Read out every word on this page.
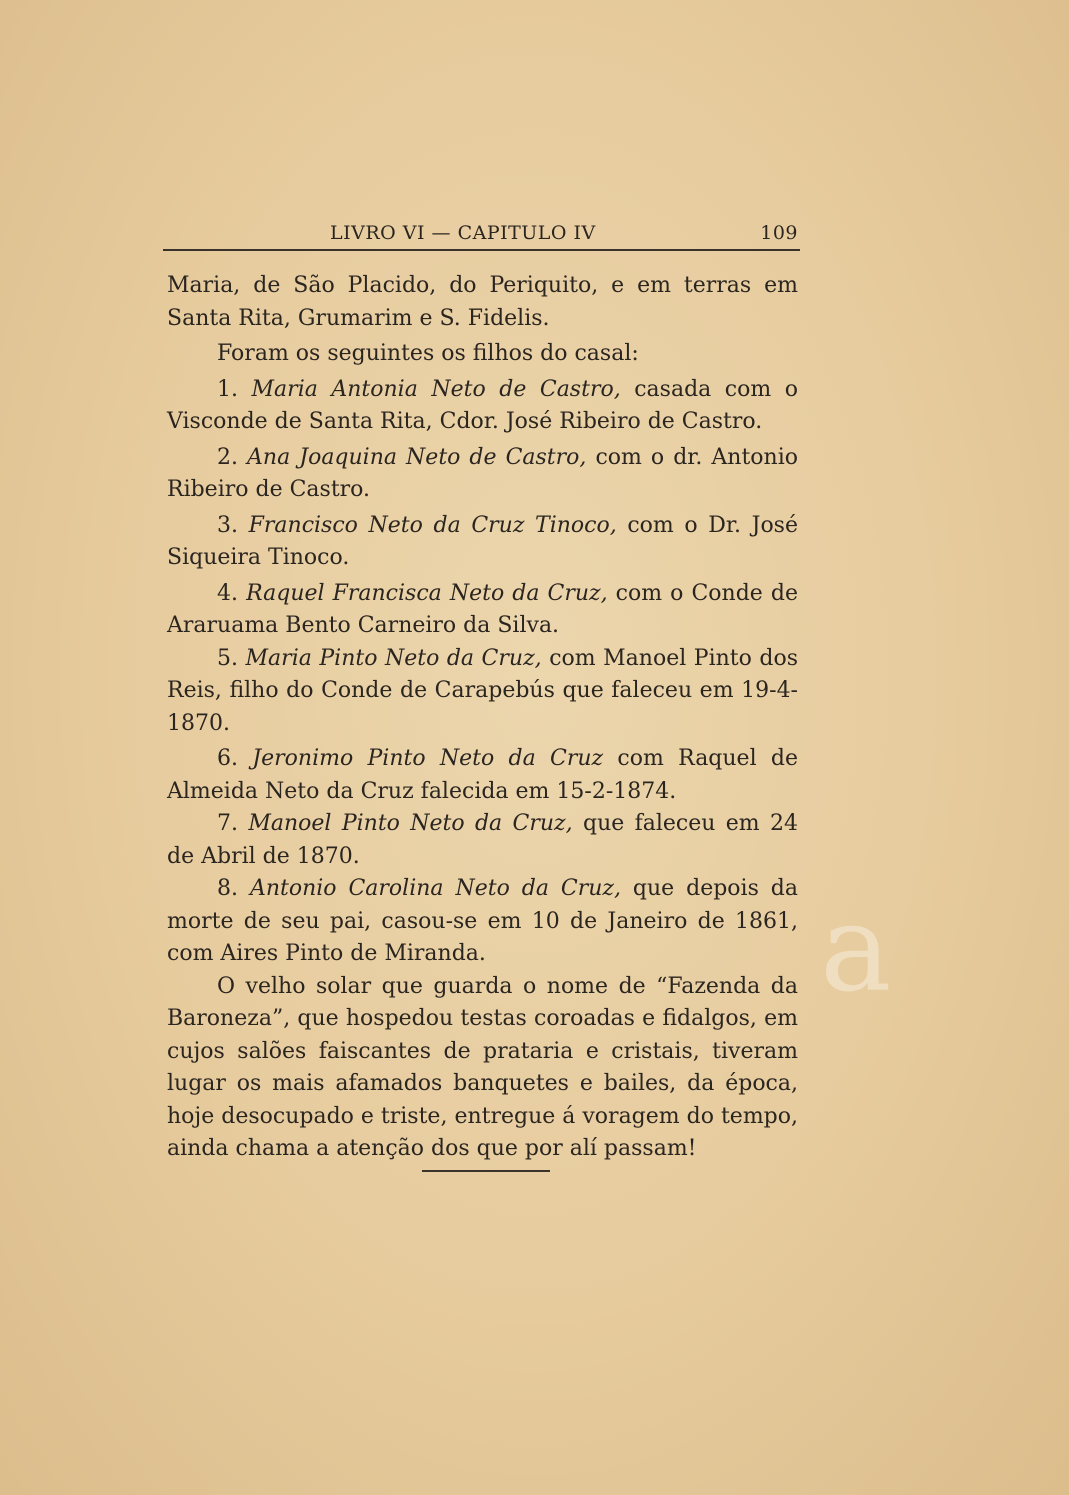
LIVRO VI — CAPITULO IV	109

Maria, de São Placido, do Periquito, e em terras em Santa Rita, Grumarim e S. Fidelis.

Foram os seguintes os filhos do casal:

1. Maria Antonia Neto de Castro, casada com o Visconde de Santa Rita, Cdor. José Ribeiro de Castro.

2. Ana Joaquina Neto de Castro, com o dr. Antonio Ribeiro de Castro.

3. Francisco Neto da Cruz Tinoco, com o Dr. José Siqueira Tinoco.

4. Raquel Francisca Neto da Cruz, com o Conde de Araruama Bento Carneiro da Silva.

5. Maria Pinto Neto da Cruz, com Manoel Pinto dos Reis, filho do Conde de Carapebús que faleceu em 19-4-1870.

6. Jeronimo Pinto Neto da Cruz com Raquel de Almeida Neto da Cruz falecida em 15-2-1874.

7. Manoel Pinto Neto da Cruz, que faleceu em 24 de Abril de 1870.

8. Antonio Carolina Neto da Cruz, que depois da morte de seu pai, casou-se em 10 de Janeiro de 1861, com Aires Pinto de Miranda.

O velho solar que guarda o nome de “Fazenda da Baroneza”, que hospedou testas coroadas e fidalgos, em cujos salões faiscantes de prataria e cristais, tiveram lugar os mais afamados banquetes e bailes, da época, hoje desocupado e triste, entregue á voragem do tempo, ainda chama a atenção dos que por alí passam!

a
